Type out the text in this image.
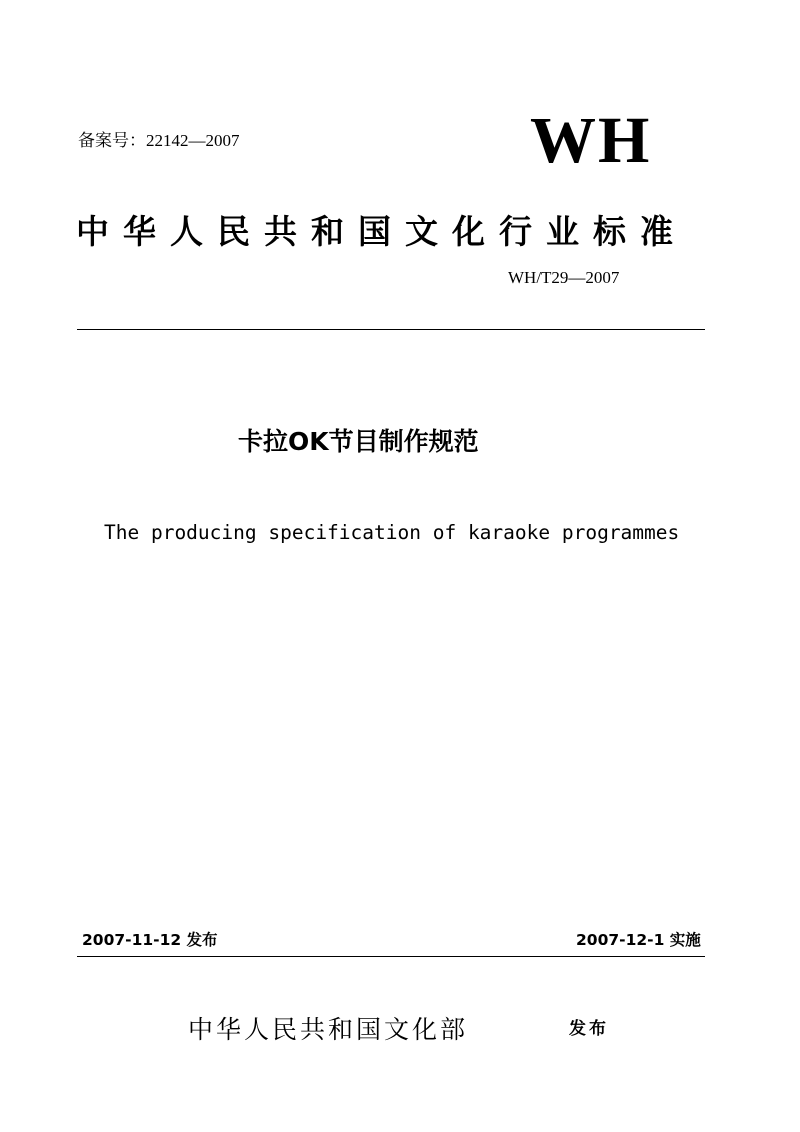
备案号：22142—2007	WH
中华人民共和国文化行业标准
WH/T29—2007
卡拉OK节目制作规范
The producing specification of karaoke programmes
2007-11-12 发布	2007-12-1 实施
中华人民共和国文化部	发布
